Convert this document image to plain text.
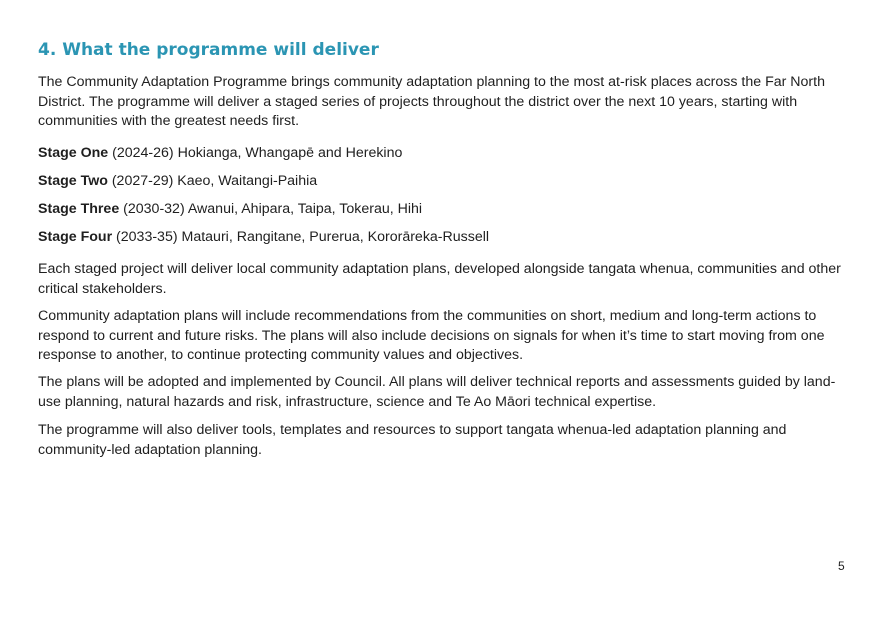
4. What the programme will deliver

The Community Adaptation Programme brings community adaptation planning to the most at-risk places across the Far North District. The programme will deliver a staged series of projects throughout the district over the next 10 years, starting with communities with the greatest needs first.

Stage One (2024-26) Hokianga, Whangapē and Herekino

Stage Two (2027-29) Kaeo, Waitangi-Paihia

Stage Three (2030-32) Awanui, Ahipara, Taipa, Tokerau, Hihi

Stage Four (2033-35) Matauri, Rangitane, Purerua, Kororāreka-Russell

Each staged project will deliver local community adaptation plans, developed alongside tangata whenua, communities and other critical stakeholders.

Community adaptation plans will include recommendations from the communities on short, medium and long-term actions to respond to current and future risks. The plans will also include decisions on signals for when it’s time to start moving from one response to another, to continue protecting community values and objectives.

The plans will be adopted and implemented by Council. All plans will deliver technical reports and assessments guided by land-use planning, natural hazards and risk, infrastructure, science and Te Ao Māori technical expertise.

The programme will also deliver tools, templates and resources to support tangata whenua-led adaptation planning and community-led adaptation planning.

5
